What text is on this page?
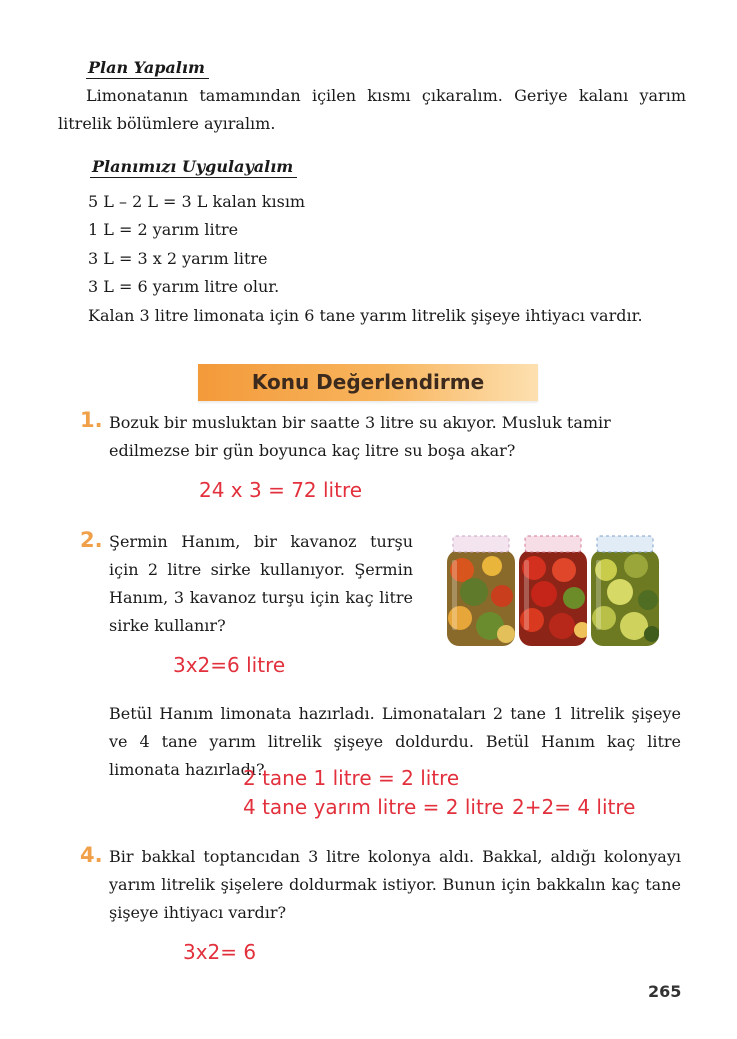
Plan Yapalım
Limonatanın tamamından içilen kısmı çıkaralım. Geriye kalanı yarım litrelik bölümlere ayıralım.
Planımızı Uygulayalım
5 L – 2 L = 3 L kalan kısım
1 L = 2 yarım litre
3 L = 3 x 2 yarım litre
3 L = 6 yarım litre olur.
Kalan 3 litre limonata için 6 tane yarım litrelik şişeye ihtiyacı vardır.
Konu Değerlendirme
1. Bozuk bir musluktan bir saatte 3 litre su akıyor. Musluk tamir edilmezse bir gün boyunca kaç litre su boşa akar?
24 x 3 = 72 litre
2. Şermin Hanım, bir kavanoz turşu için 2 litre sirke kullanıyor. Şermin Hanım, 3 kavanoz turşu için kaç litre sirke kullanır?
3x2=6 litre
Betül Hanım limonata hazırladı. Limonataları 2 tane 1 litrelik şişeye ve 4 tane yarım litrelik şişeye doldurdu. Betül Hanım kaç litre limonata hazırladı?
2 tane 1 litre = 2 litre
4 tane yarım litre = 2 litre 2+2= 4 litre
4. Bir bakkal toptancıdan 3 litre kolonya aldı. Bakkal, aldığı kolonyayı yarım litrelik şişelere doldurmak istiyor. Bunun için bakkalın kaç tane şişeye ihtiyacı vardır?
3x2= 6
265
